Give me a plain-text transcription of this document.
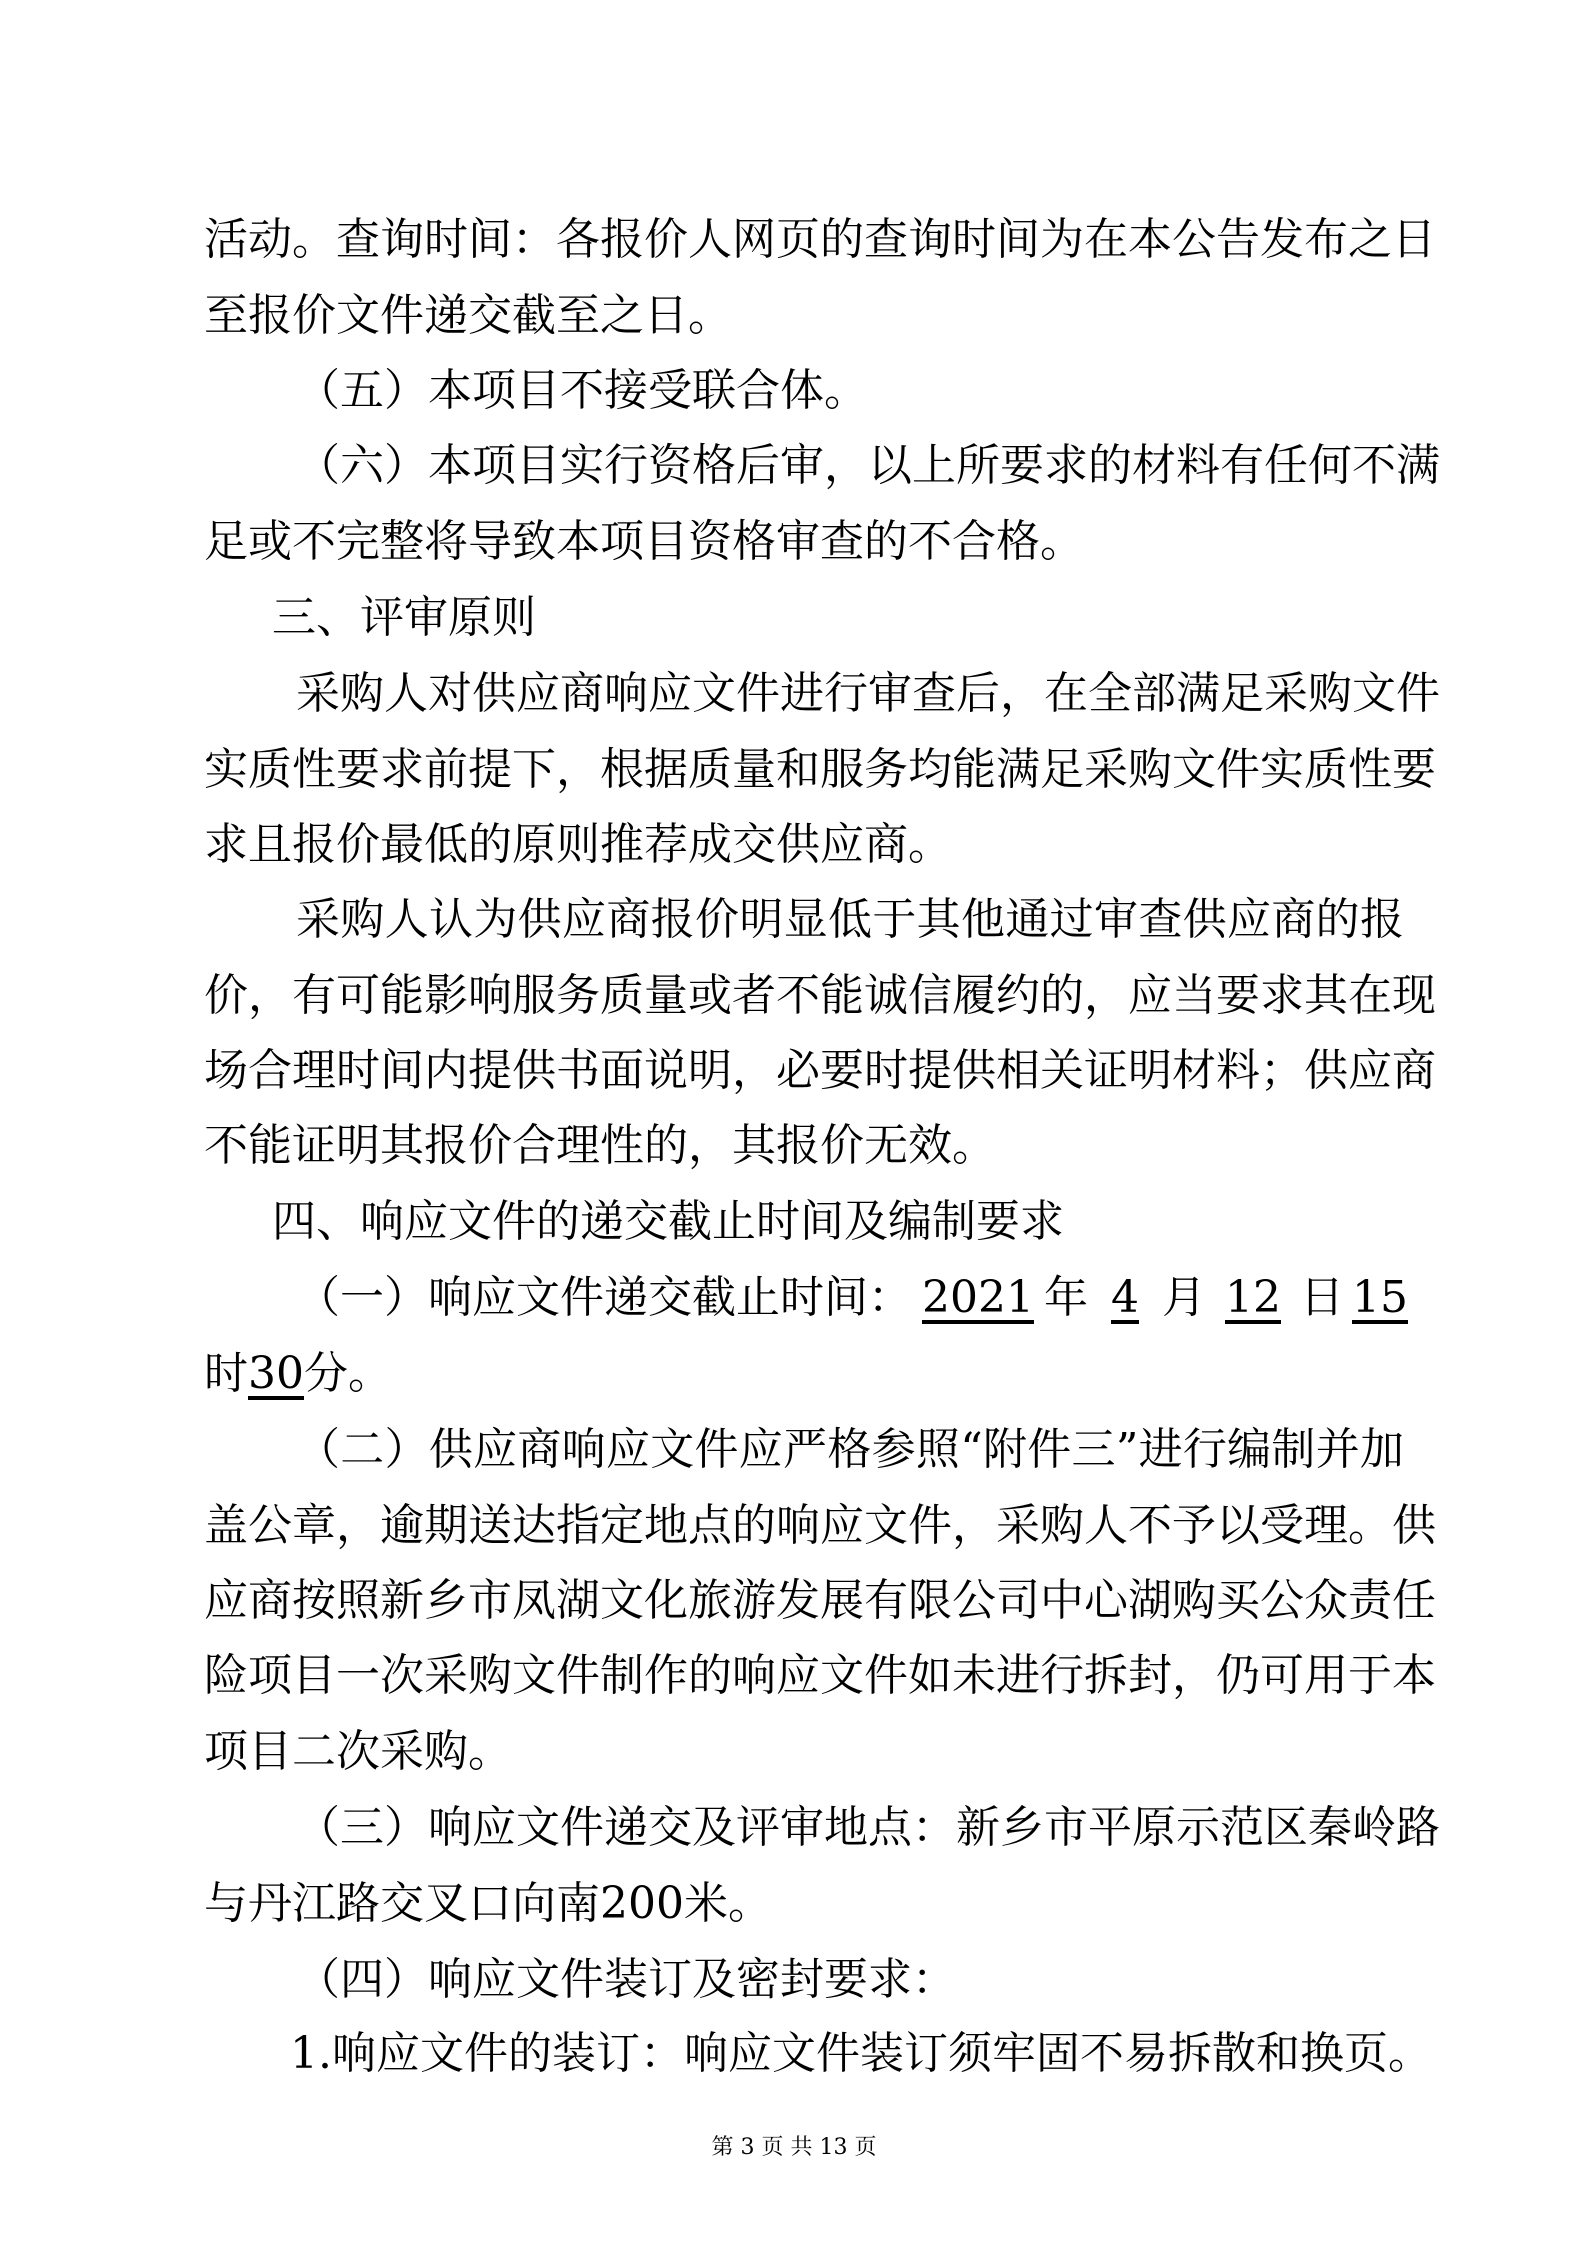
活动。查询时间：各报价人网页的查询时间为在本公告发布之日
至报价文件递交截至之日。
（五）本项目不接受联合体。
（六）本项目实行资格后审，以上所要求的材料有任何不满
足或不完整将导致本项目资格审查的不合格。
三、评审原则
采购人对供应商响应文件进行审查后，在全部满足采购文件
实质性要求前提下，根据质量和服务均能满足采购文件实质性要
求且报价最低的原则推荐成交供应商。
采购人认为供应商报价明显低于其他通过审查供应商的报
价，有可能影响服务质量或者不能诚信履约的，应当要求其在现
场合理时间内提供书面说明，必要时提供相关证明材料；供应商
不能证明其报价合理性的，其报价无效。
四、响应文件的递交截止时间及编制要求
（一）响应文件递交截止时间： 2021 年 4 月 12 日 15
时30分。
（二）供应商响应文件应严格参照“附件三”进行编制并加
盖公章，逾期送达指定地点的响应文件，采购人不予以受理。供
应商按照新乡市凤湖文化旅游发展有限公司中心湖购买公众责任
险项目一次采购文件制作的响应文件如未进行拆封，仍可用于本
项目二次采购。
（三）响应文件递交及评审地点：新乡市平原示范区秦岭路
与丹江路交叉口向南200米。
（四）响应文件装订及密封要求：
1.响应文件的装订：响应文件装订须牢固不易拆散和换页。
第 3 页 共 13 页
